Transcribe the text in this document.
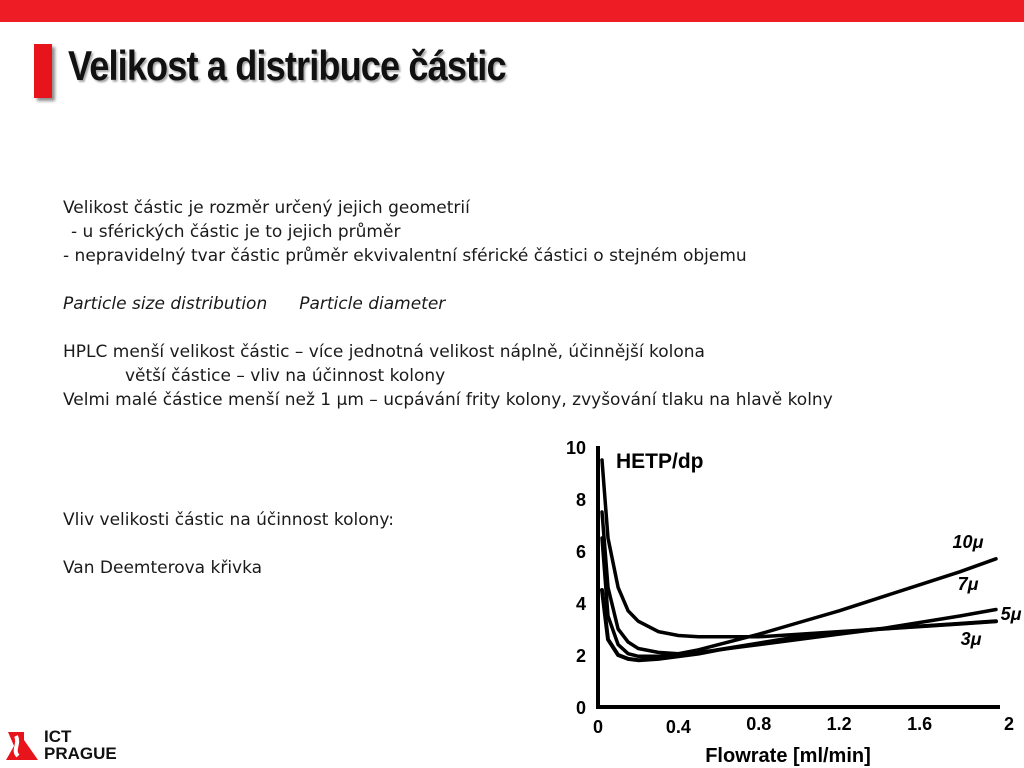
Velikost a distribuce částic
Velikost částic je rozměr určený jejich geometrií
- u sférických částic je to jejich průměr
- nepravidelný tvar částic průměr ekvivalentní sférické částici o stejném objemu
Particle size distribution Particle diameter
HPLC menší velikost částic – více jednotná velikost náplně, účinnější kolona
větší částice – vliv na účinnost kolony
Velmi malé částice menší než 1 µm – ucpávání frity kolony, zvyšování tlaku na hlavě kolny
Vliv velikosti částic na účinnost kolony:
Van Deemterova křivka
0
2
4
6
8
10
0	0.4	0.8	1.2	1.6	2
HETP/dp
Flowrate [ml/min]
10μ
7μ
5μ
3μ
ICT
PRAGUE
